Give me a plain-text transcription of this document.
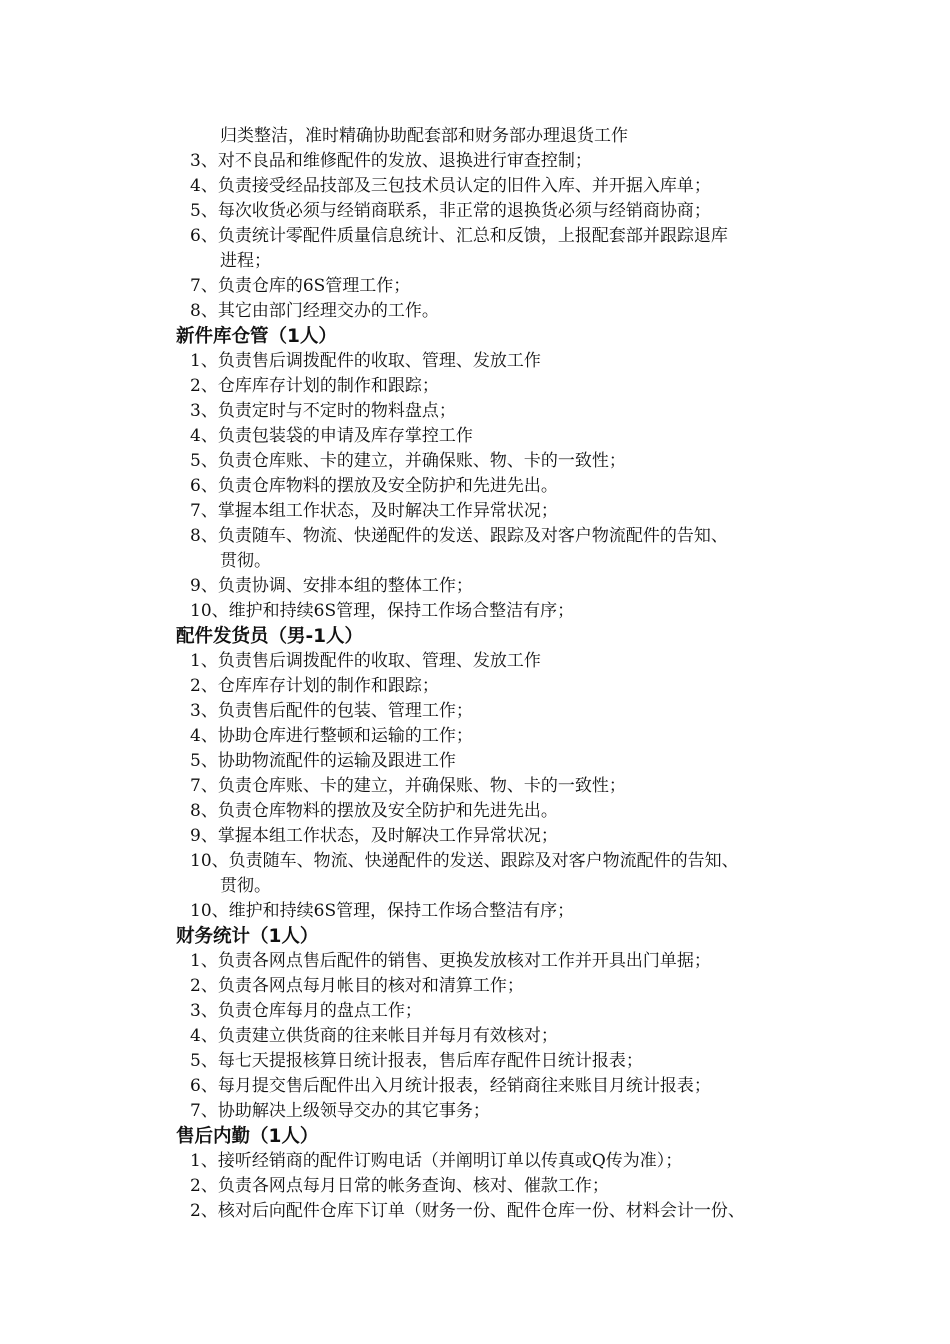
归类整洁，准时精确协助配套部和财务部办理退货工作
3、对不良品和维修配件的发放、退换进行审查控制；
4、负责接受经品技部及三包技术员认定的旧件入库、并开据入库单；
5、每次收货必须与经销商联系，非正常的退换货必须与经销商协商；
6、负责统计零配件质量信息统计、汇总和反馈，上报配套部并跟踪退库
进程；
7、负责仓库的6S管理工作；
8、其它由部门经理交办的工作。
新件库仓管（1人）
1、负责售后调拨配件的收取、管理、发放工作
2、仓库库存计划的制作和跟踪；
3、负责定时与不定时的物料盘点；
4、负责包装袋的申请及库存掌控工作
5、负责仓库账、卡的建立，并确保账、物、卡的一致性；
6、负责仓库物料的摆放及安全防护和先进先出。
7、掌握本组工作状态，及时解决工作异常状况；
8、负责随车、物流、快递配件的发送、跟踪及对客户物流配件的告知、
贯彻。
9、负责协调、安排本组的整体工作；
10、维护和持续6S管理，保持工作场合整洁有序；
配件发货员（男-1人）
1、负责售后调拨配件的收取、管理、发放工作
2、仓库库存计划的制作和跟踪；
3、负责售后配件的包装、管理工作；
4、协助仓库进行整顿和运输的工作；
5、协助物流配件的运输及跟进工作
7、负责仓库账、卡的建立，并确保账、物、卡的一致性；
8、负责仓库物料的摆放及安全防护和先进先出。
9、掌握本组工作状态，及时解决工作异常状况；
10、负责随车、物流、快递配件的发送、跟踪及对客户物流配件的告知、
贯彻。
10、维护和持续6S管理，保持工作场合整洁有序；
财务统计（1人）
1、负责各网点售后配件的销售、更换发放核对工作并开具出门单据；
2、负责各网点每月帐目的核对和清算工作；
3、负责仓库每月的盘点工作；
4、负责建立供货商的往来帐目并每月有效核对；
5、每七天提报核算日统计报表，售后库存配件日统计报表；
6、每月提交售后配件出入月统计报表，经销商往来账目月统计报表；
7、协助解决上级领导交办的其它事务；
售后内勤（1人）
1、接听经销商的配件订购电话（并阐明订单以传真或Q传为准）；
2、负责各网点每月日常的帐务查询、核对、催款工作；
2、核对后向配件仓库下订单（财务一份、配件仓库一份、材料会计一份、
